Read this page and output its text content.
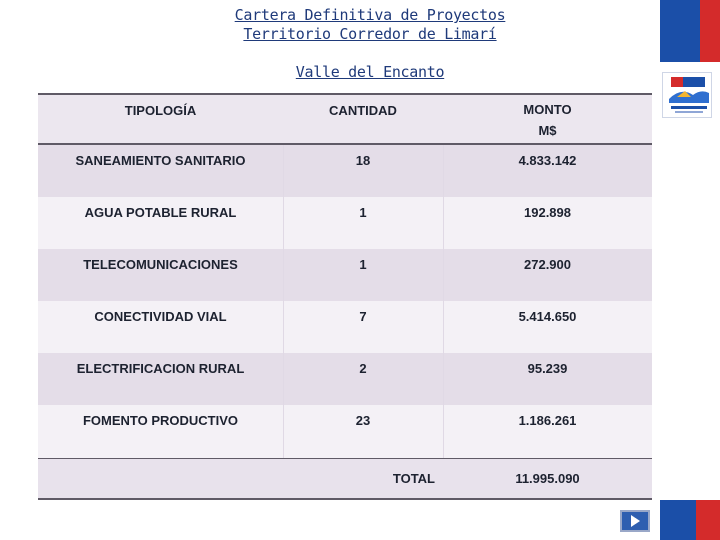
Cartera Definitiva de Proyectos
Territorio Corredor de Limarí
Valle del Encanto
TIPOLOGÍA	CANTIDAD	MONTO
M$
SANEAMIENTO SANITARIO	18	4.833.142
AGUA POTABLE RURAL	1	192.898
TELECOMUNICACIONES	1	272.900
CONECTIVIDAD VIAL	7	5.414.650
ELECTRIFICACION RURAL	2	95.239
FOMENTO PRODUCTIVO	23	1.186.261
TOTAL	11.995.090
